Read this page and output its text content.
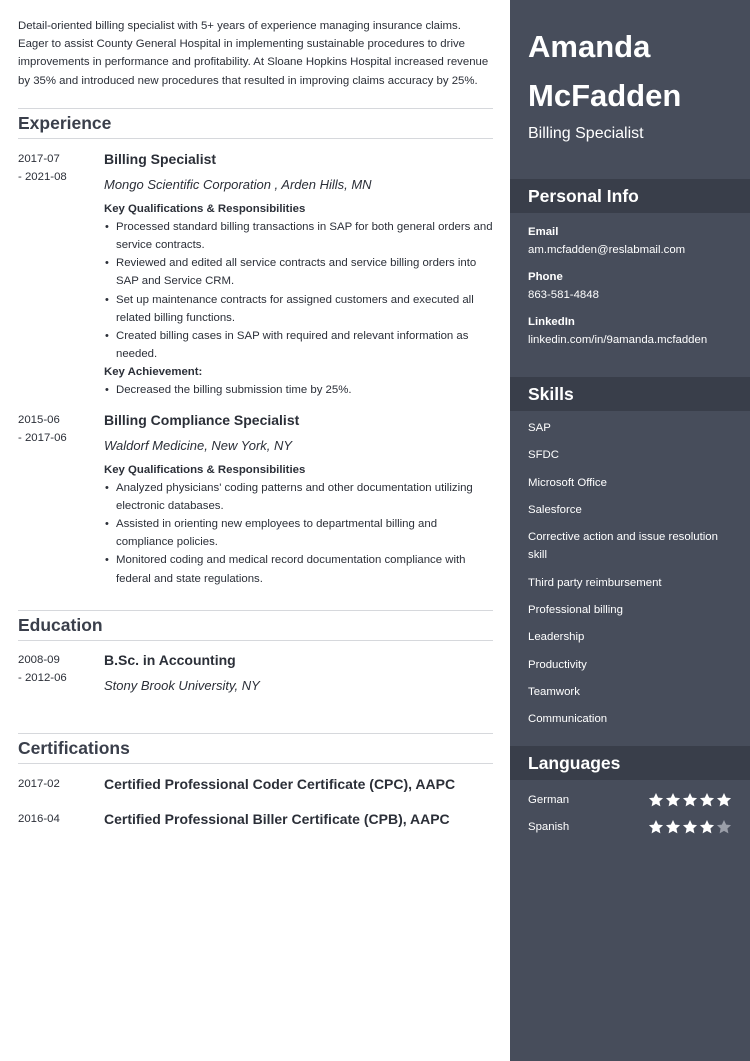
Detail-oriented billing specialist with 5+ years of experience managing insurance claims. Eager to assist County General Hospital in implementing sustainable procedures to drive improvements in performance and profitability. At Sloane Hopkins Hospital increased revenue by 35% and introduced new procedures that resulted in improving claims accuracy by 25%.

Experience
2017-07
- 2021-08
Billing Specialist
Mongo Scientific Corporation , Arden Hills, MN
Key Qualifications & Responsibilities
• Processed standard billing transactions in SAP for both general orders and service contracts.
• Reviewed and edited all service contracts and service billing orders into SAP and Service CRM.
• Set up maintenance contracts for assigned customers and executed all related billing functions.
• Created billing cases in SAP with required and relevant information as needed.
Key Achievement:
• Decreased the billing submission time by 25%.
2015-06
- 2017-06
Billing Compliance Specialist
Waldorf Medicine, New York, NY
Key Qualifications & Responsibilities
• Analyzed physicians' coding patterns and other documentation utilizing electronic databases.
• Assisted in orienting new employees to departmental billing and compliance policies.
• Monitored coding and medical record documentation compliance with federal and state regulations.
Education
2008-09
- 2012-06
B.Sc. in Accounting
Stony Brook University, NY
Certifications
2017-02	Certified Professional Coder Certificate (CPC), AAPC
2016-04	Certified Professional Biller Certificate (CPB), AAPC
Amanda
McFadden
Billing Specialist
Personal Info
Email
am.mcfadden@reslabmail.com
Phone
863-581-4848
LinkedIn
linkedin.com/in/9amanda.mcfadden
Skills
SAP
SFDC
Microsoft Office
Salesforce
Corrective action and issue resolution skill
Third party reimbursement
Professional billing
Leadership
Productivity
Teamwork
Communication
Languages
German
Spanish
